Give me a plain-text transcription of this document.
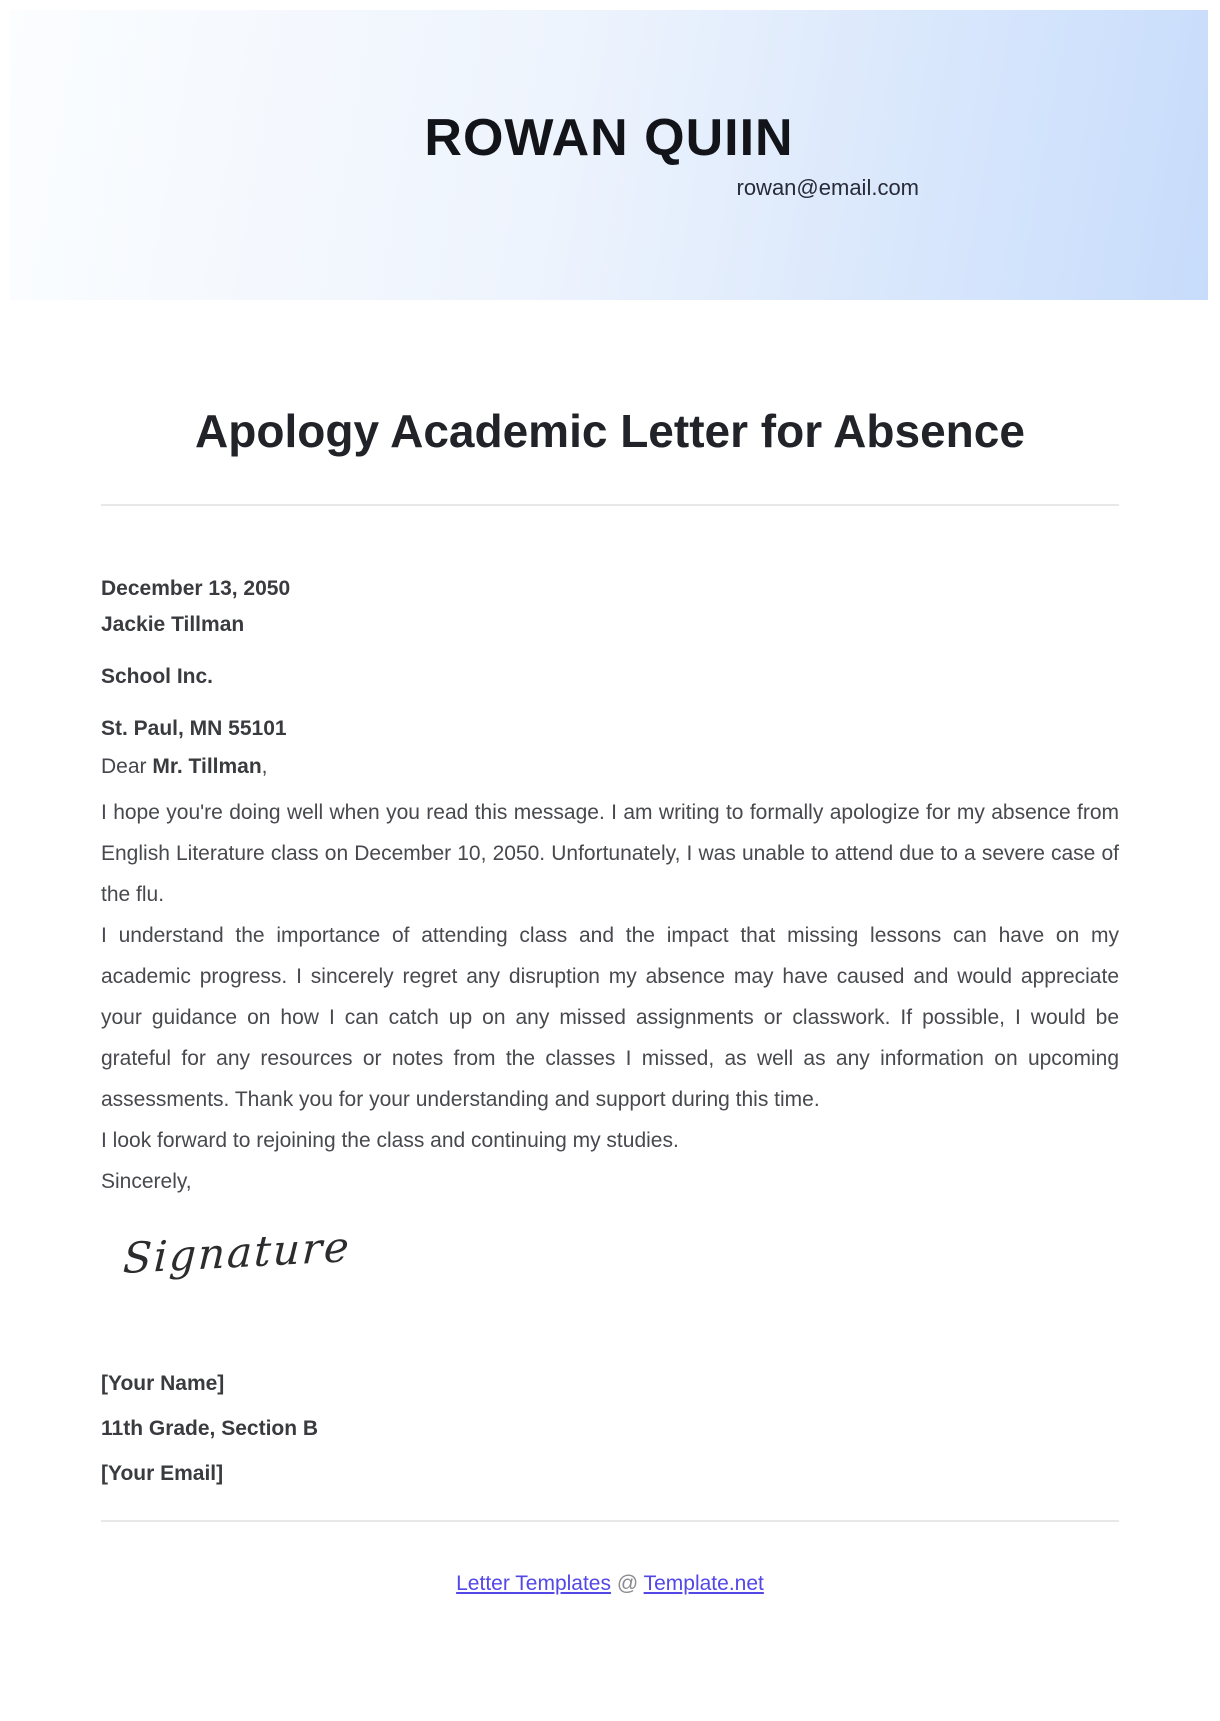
ROWAN QUIIN
rowan@email.com
Apology Academic Letter for Absence
December 13, 2050
Jackie Tillman
School Inc.
St. Paul, MN 55101
Dear Mr. Tillman,

I hope you're doing well when you read this message. I am writing to formally apologize for my absence from English Literature class on December 10, 2050. Unfortunately, I was unable to attend due to a severe case of the flu.

I understand the importance of attending class and the impact that missing lessons can have on my academic progress. I sincerely regret any disruption my absence may have caused and would appreciate your guidance on how I can catch up on any missed assignments or classwork. If possible, I would be grateful for any resources or notes from the classes I missed, as well as any information on upcoming assessments. Thank you for your understanding and support during this time.

I look forward to rejoining the class and continuing my studies.

Sincerely,
Signature
[Your Name]
11th Grade, Section B
[Your Email]
Letter Templates @ Template.net
